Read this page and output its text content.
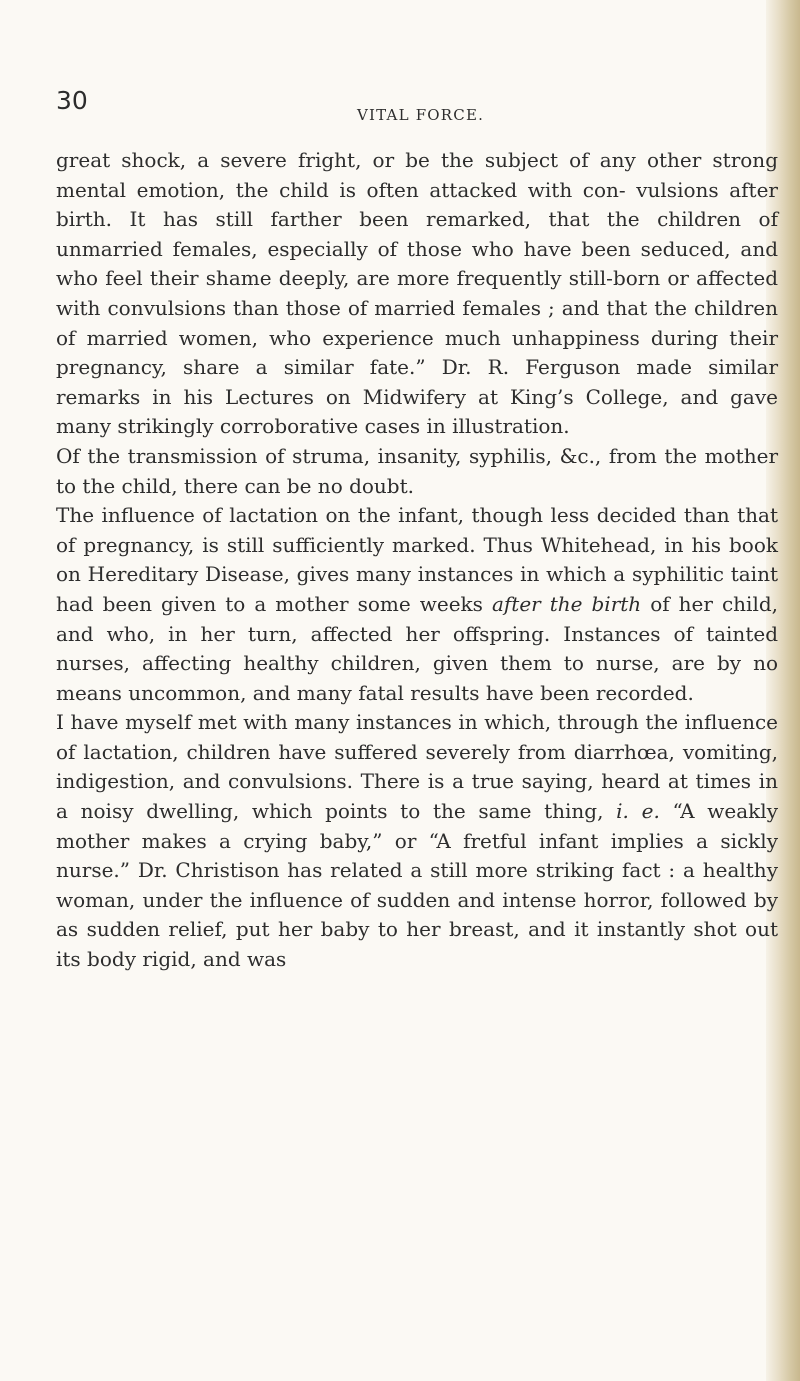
30	VITAL FORCE.

great shock, a severe fright, or be the subject of any other strong mental emotion, the child is often attacked with con- vulsions after birth. It has still farther been remarked, that the children of unmarried females, especially of those who have been seduced, and who feel their shame deeply, are more frequently still-born or affected with convulsions than those of married females ; and that the children of married women, who experience much unhappiness during their pregnancy, share a similar fate.” Dr. R. Ferguson made similar remarks in his Lectures on Midwifery at King’s College, and gave many strikingly corroborative cases in illustration.

Of the transmission of struma, insanity, syphilis, &c., from the mother to the child, there can be no doubt.

The influence of lactation on the infant, though less decided than that of pregnancy, is still sufficiently marked. Thus Whitehead, in his book on Hereditary Disease, gives many instances in which a syphilitic taint had been given to a mother some weeks after the birth of her child, and who, in her turn, affected her offspring. Instances of tainted nurses, affecting healthy children, given them to nurse, are by no means uncommon, and many fatal results have been recorded.

I have myself met with many instances in which, through the influence of lactation, children have suffered severely from diarrhœa, vomiting, indigestion, and convulsions. There is a true saying, heard at times in a noisy dwelling, which points to the same thing, i. e. “A weakly mother makes a crying baby,” or “A fretful infant implies a sickly nurse.” Dr. Christison has related a still more striking fact : a healthy woman, under the influence of sudden and intense horror, followed by as sudden relief, put her baby to her breast, and it instantly shot out its body rigid, and was
